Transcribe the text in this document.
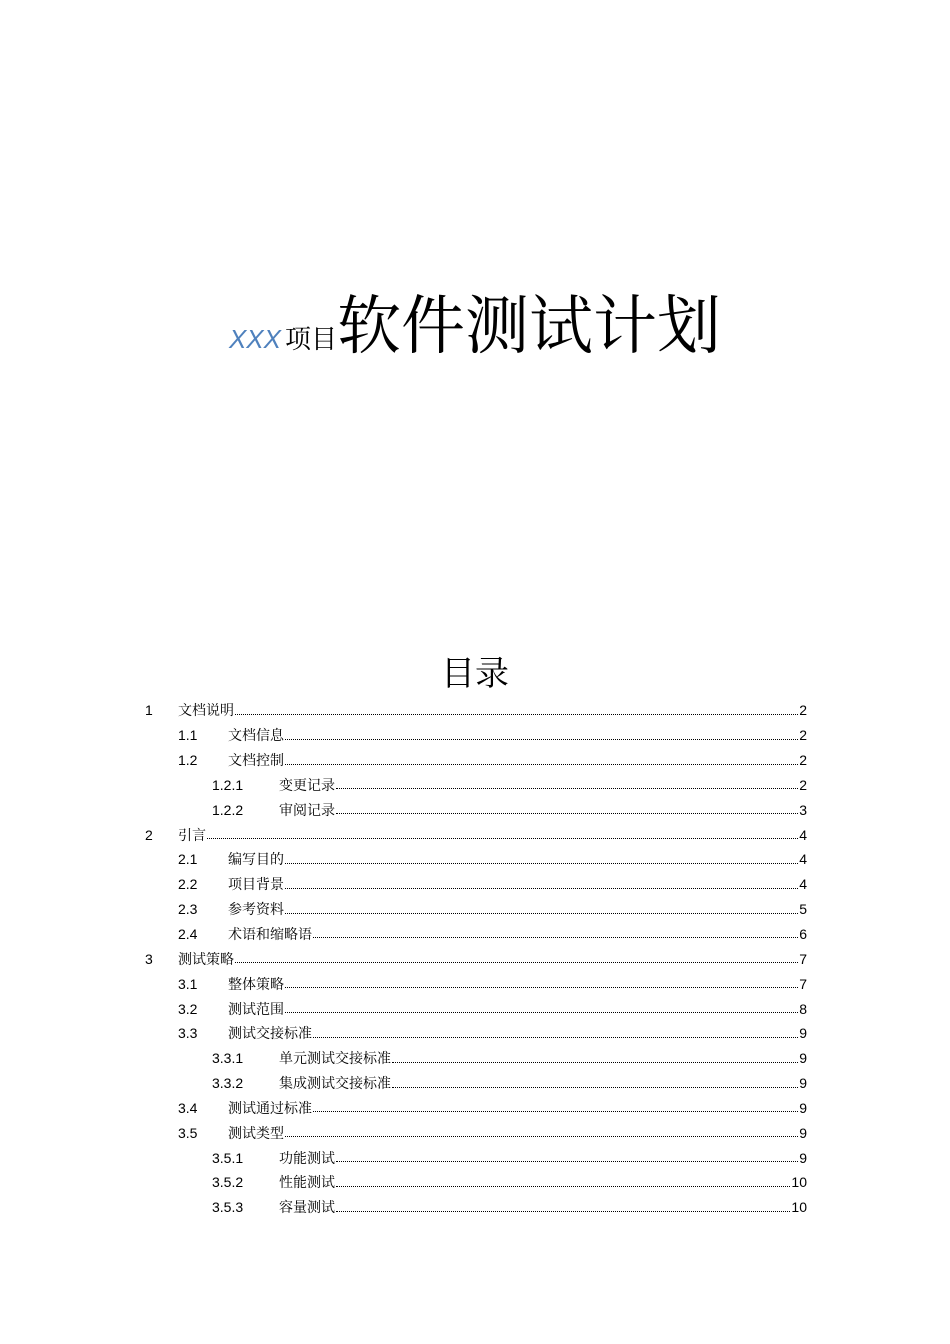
XXX 项目软件测试计划
目录
1	文档说明	2
1.1	文档信息	2
1.2	文档控制	2
1.2.1	变更记录	2
1.2.2	审阅记录	3
2	引言	4
2.1	编写目的	4
2.2	项目背景	4
2.3	参考资料	5
2.4	术语和缩略语	6
3	测试策略	7
3.1	整体策略	7
3.2	测试范围	8
3.3	测试交接标准	9
3.3.1	单元测试交接标准	9
3.3.2	集成测试交接标准	9
3.4	测试通过标准	9
3.5	测试类型	9
3.5.1	功能测试	9
3.5.2	性能测试	10
3.5.3	容量测试	10
